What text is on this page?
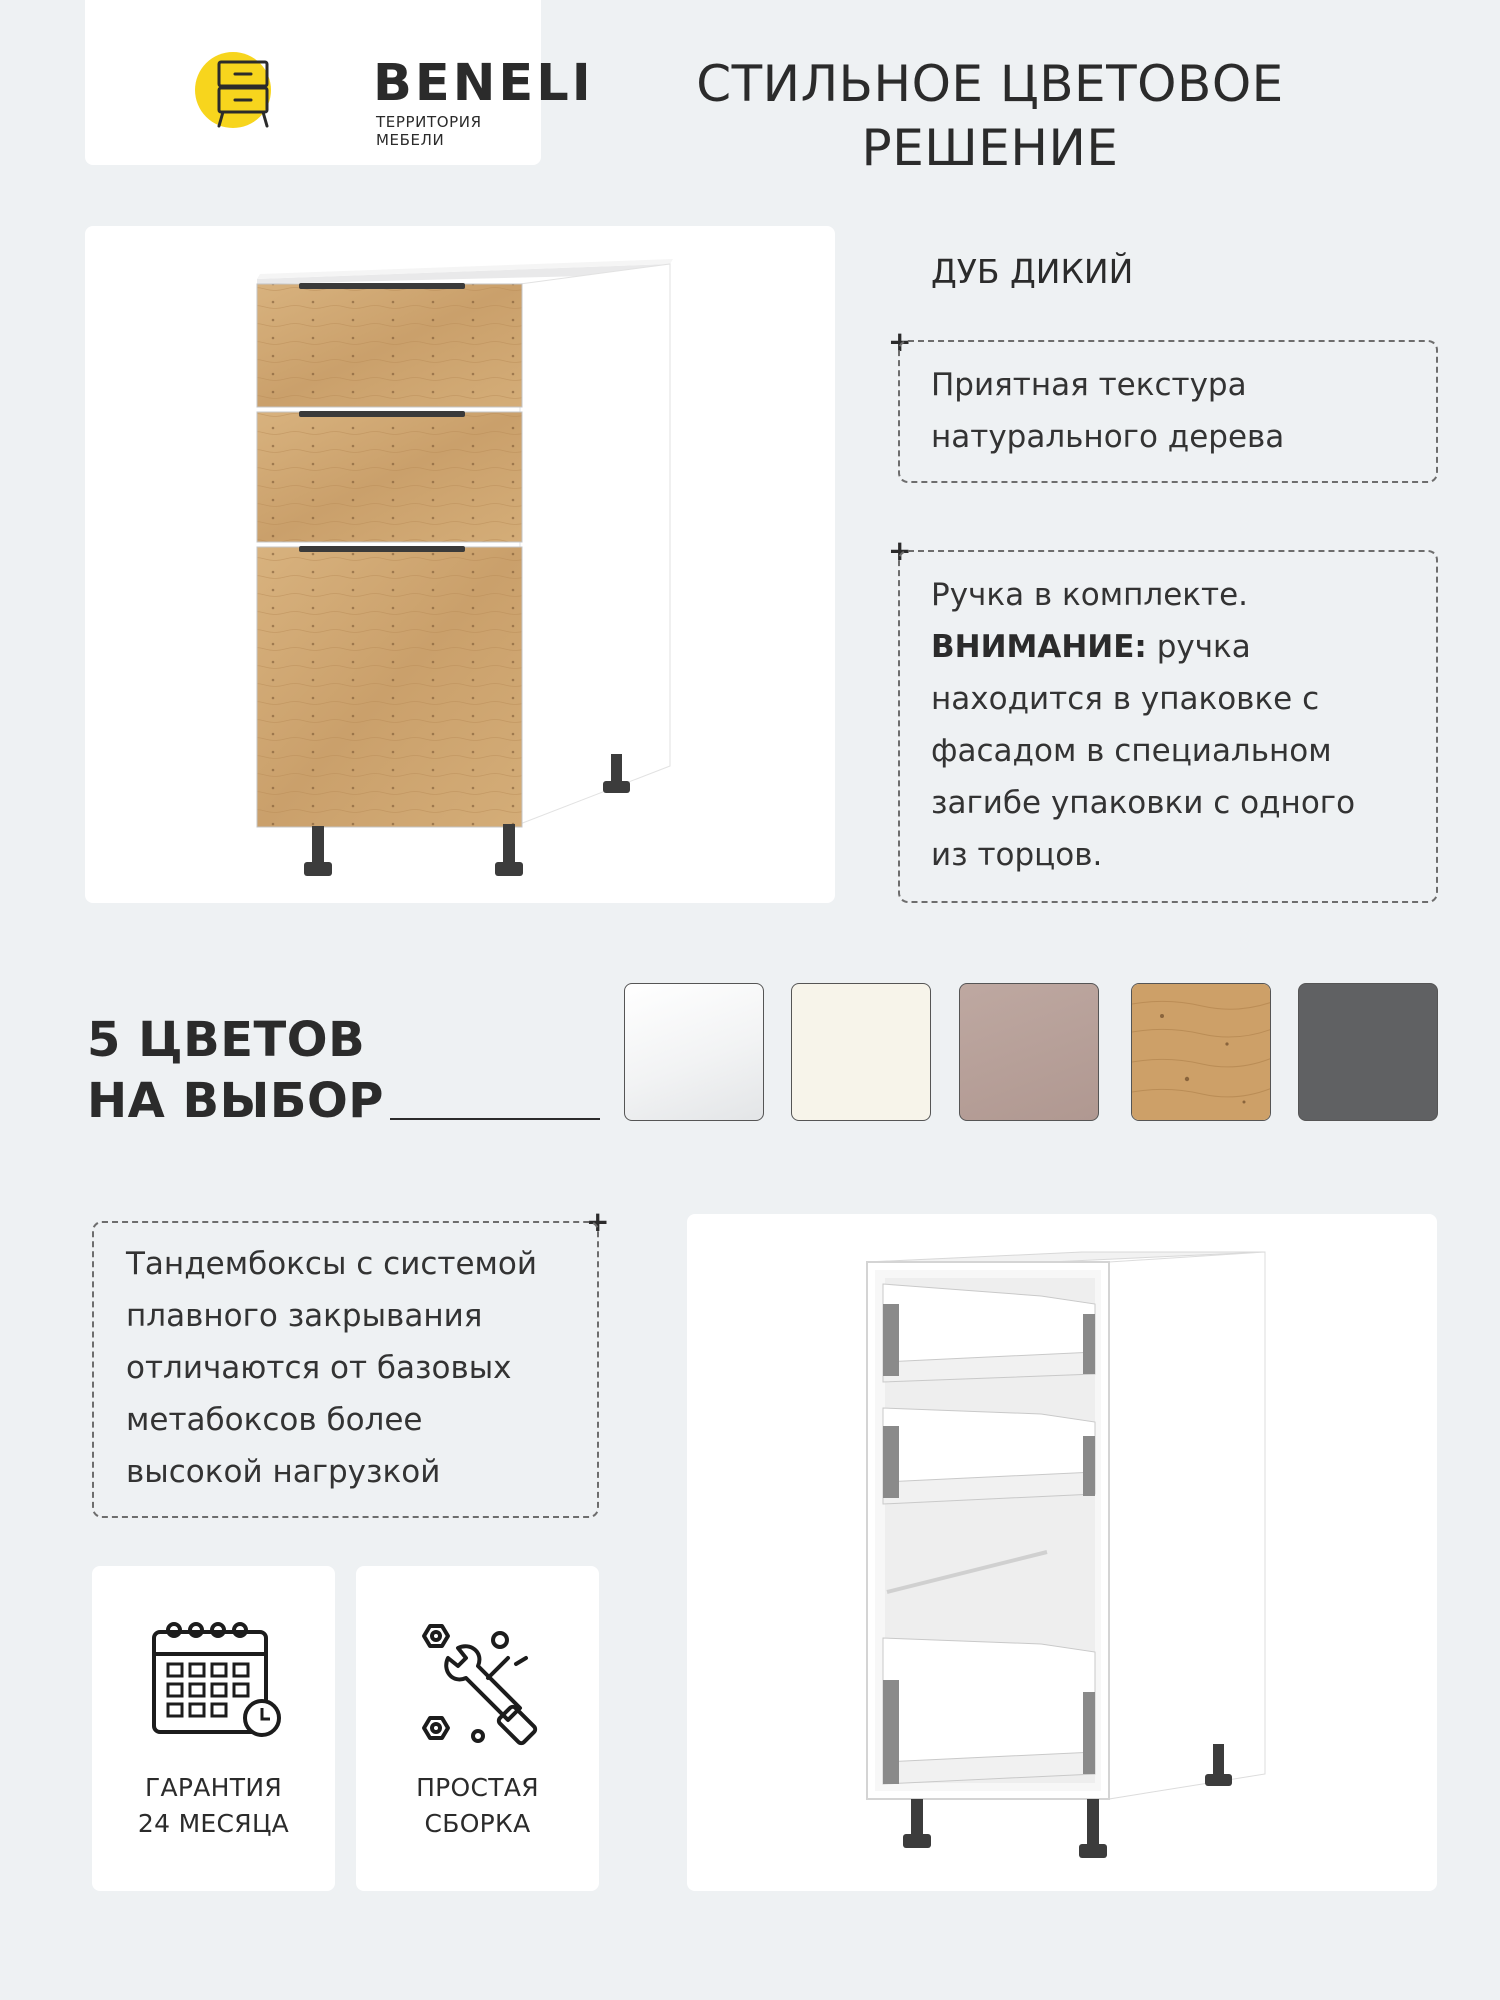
BENELI
ТЕРРИТОРИЯ МЕБЕЛИ
СТИЛЬНОЕ ЦВЕТОВОЕ
РЕШЕНИЕ
ДУБ ДИКИЙ
+
Приятная текстура
натурального дерева
+
Ручка в комплекте.
ВНИМАНИЕ: ручка
находится в упаковке с
фасадом в специальном
загибе упаковки с одного
из торцов.
5 ЦВЕТОВ
НА ВЫБОР
+
Тандембоксы с системой
плавного закрывания
отличаются от базовых
метабоксов более
высокой нагрузкой
ГАРАНТИЯ
24 МЕСЯЦА
ПРОСТАЯ
СБОРКА
